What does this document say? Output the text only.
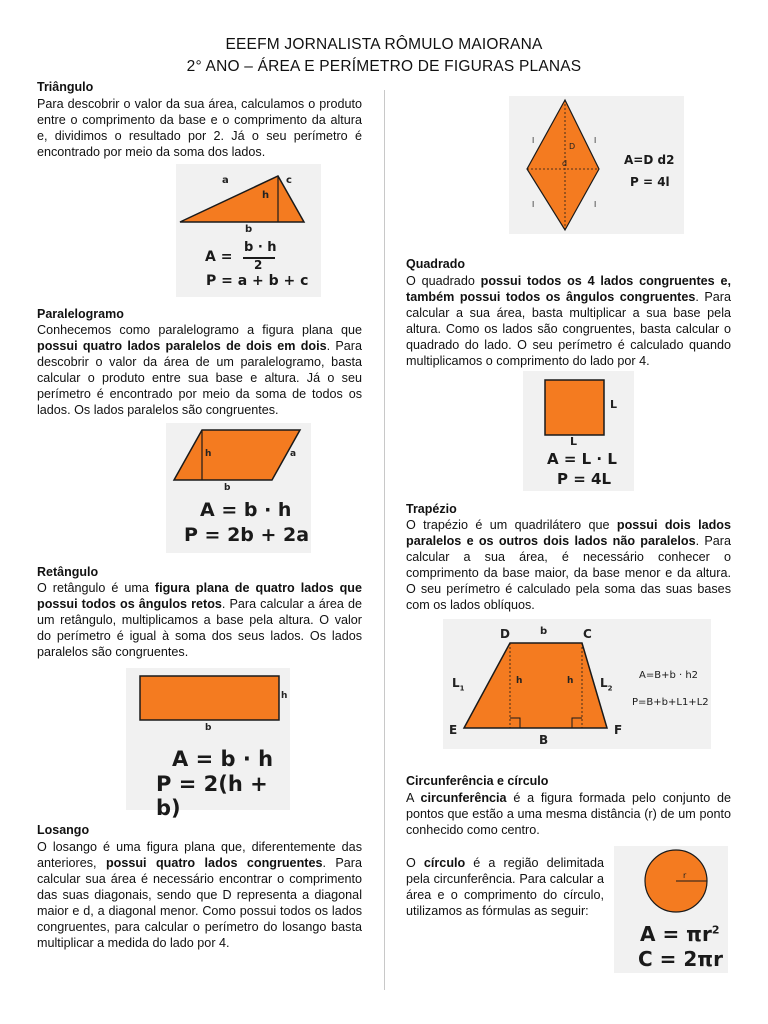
EEEFM JORNALISTA RÔMULO MAIORANA
2° ANO – ÁREA E PERÍMETRO DE FIGURAS PLANAS
Triângulo
Para descobrir o valor da sua área, calculamos o produto entre o comprimento da base e o comprimento da altura e, dividimos o resultado por 2. Já o seu perímetro é encontrado por meio da soma dos lados.
a	c
h
b
A =
b · h
2
P = a + b + c
Paralelogramo
Conhecemos como paralelogramo a figura plana que possui quatro lados paralelos de dois em dois. Para descobrir o valor da área de um paralelogramo, basta calcular o produto entre sua base e altura. Já o seu perímetro é encontrado por meio da soma de todos os lados. Os lados paralelos são congruentes.
h	a
b
A = b · h
P = 2b + 2a
Retângulo
O retângulo é uma figura plana de quatro lados que possui todos os ângulos retos. Para calcular a área de um retângulo, multiplicamos a base pela altura. O valor do perímetro é igual à soma dos seus lados. Os lados paralelos são congruentes.
h
b
A = b · h
P = 2(h + b)
Losango
O losango é uma figura plana que, diferentemente das anteriores, possui quatro lados congruentes. Para calcular sua área é necessário encontrar o comprimento das suas diagonais, sendo que D representa a diagonal maior e d, a diagonal menor. Como possui todos os lados congruentes, para calcular o perímetro do losango basta multiplicar a medida do lado por 4.
l	l
l	l
D
d	A=D d2
P = 4l
Quadrado
O quadrado possui todos os 4 lados congruentes e, também possui todos os ângulos congruentes. Para calcular a sua área, basta multiplicar a sua base pela altura. Como os lados são congruentes, basta calcular o quadrado do lado. O seu perímetro é calculado quando multiplicamos o comprimento do lado por 4.
L
L
A = L · L
P = 4L
Trapézio
O trapézio é um quadrilátero que possui dois lados paralelos e os outros dois lados não paralelos. Para calcular a sua área, é necessário conhecer o comprimento da base maior, da base menor e da altura. O seu perímetro é calculado pela soma das suas bases com os lados oblíquos.
D	b	C
h	h
$L_1$	$L_2$
E
B
F
A=B+b · h2
P=B+b+L1+L2
Circunferência e círculo
A circunferência é a figura formada pelo conjunto de pontos que estão a uma mesma distância (r) de um ponto conhecido como centro.
O círculo é a região delimitada pela circunferência. Para calcular a área e o comprimento do círculo, utilizamos as fórmulas as seguir:
r
$A = \pi r^2$
C = 2πr
